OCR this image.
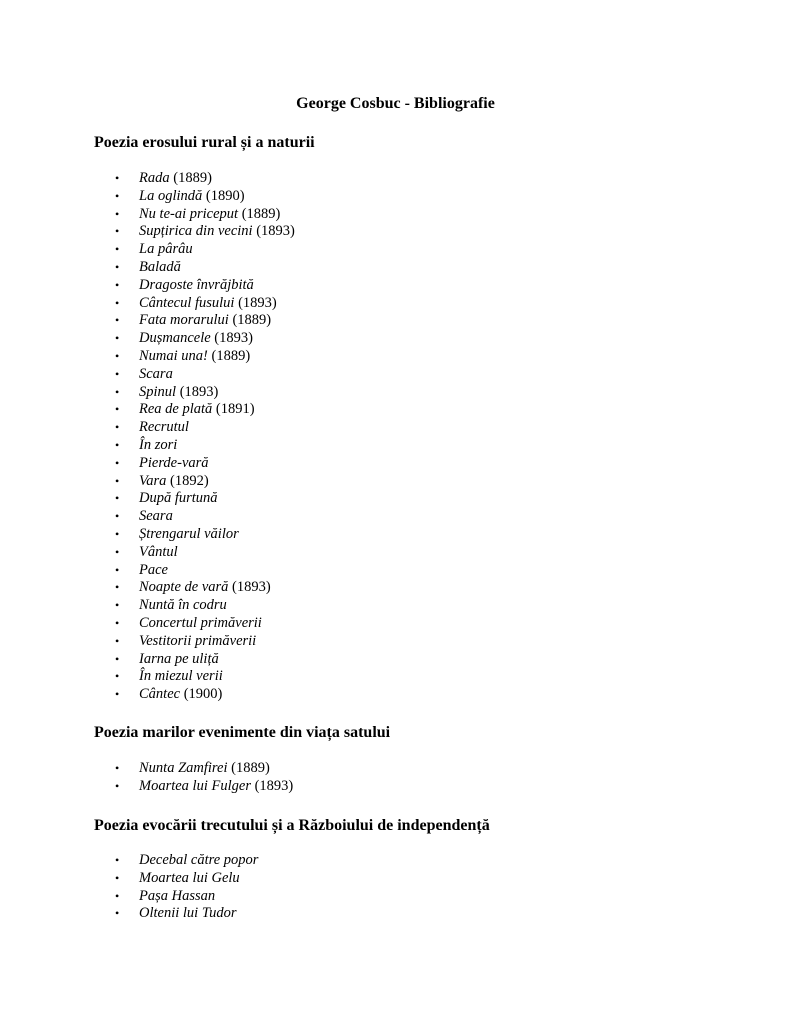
George Cosbuc - Bibliografie
Poezia erosului rural și a naturii
• Rada (1889)
• La oglindă (1890)
• Nu te-ai priceput (1889)
• Supțirica din vecini (1893)
• La pârâu
• Baladă
• Dragoste învrăjbită
• Cântecul fusului (1893)
• Fata morarului (1889)
• Dușmancele (1893)
• Numai una! (1889)
• Scara
• Spinul (1893)
• Rea de plată (1891)
• Recrutul
• În zori
• Pierde-vară
• Vara (1892)
• După furtună
• Seara
• Ștrengarul văilor
• Vântul
• Pace
• Noapte de vară (1893)
• Nuntă în codru
• Concertul primăverii
• Vestitorii primăverii
• Iarna pe uliță
• În miezul verii
• Cântec (1900)
Poezia marilor evenimente din viața satului
• Nunta Zamfirei (1889)
• Moartea lui Fulger (1893)
Poezia evocării trecutului și a Războiului de independență
• Decebal către popor
• Moartea lui Gelu
• Pașa Hassan
• Oltenii lui Tudor
